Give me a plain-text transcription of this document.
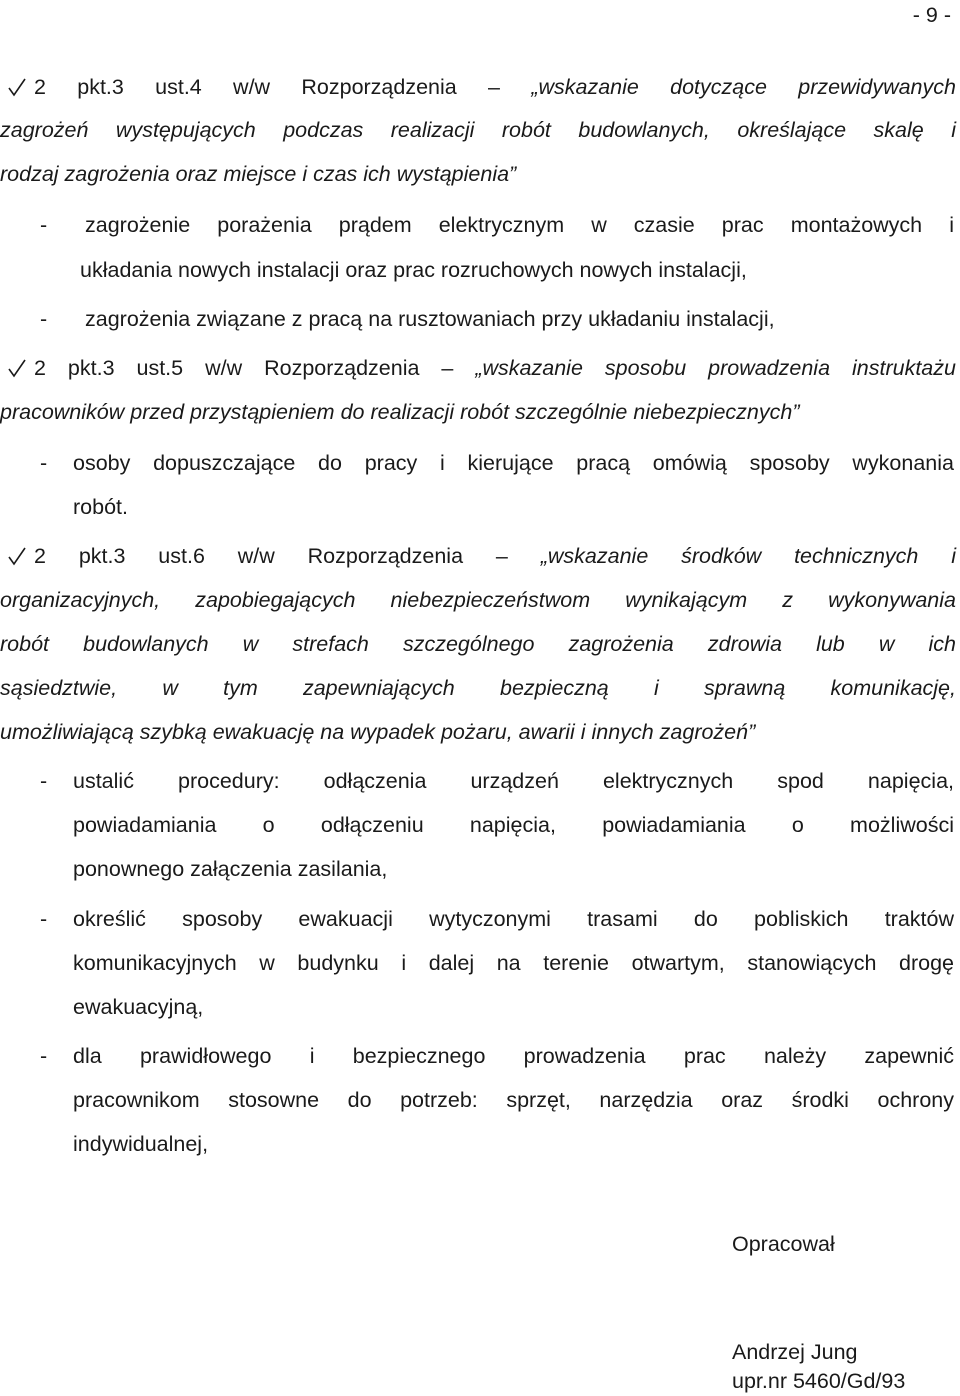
- 9 -
2 pkt.3 ust.4 w/w Rozporządzenia – „wskazanie dotyczące przewidywanych
zagrożeń występujących podczas realizacji robót budowlanych, określające skalę i
rodzaj zagrożenia oraz miejsce i czas ich wystąpienia”
- zagrożenie porażenia prądem elektrycznym w czasie prac montażowych i
układania nowych instalacji oraz prac rozruchowych nowych instalacji,
- zagrożenia związane z pracą na rusztowaniach przy układaniu instalacji,
2 pkt.3 ust.5 w/w Rozporządzenia – „wskazanie sposobu prowadzenia instruktażu
pracowników przed przystąpieniem do realizacji robót szczególnie niebezpiecznych”
- osoby dopuszczające do pracy i kierujące pracą omówią sposoby wykonania
robót.
2 pkt.3 ust.6 w/w Rozporządzenia – „wskazanie środków technicznych i
organizacyjnych, zapobiegających niebezpieczeństwom wynikającym z wykonywania
robót budowlanych w strefach szczególnego zagrożenia zdrowia lub w ich
sąsiedztwie, w tym zapewniających bezpieczną i sprawną komunikację,
umożliwiającą szybką ewakuację na wypadek pożaru, awarii i innych zagrożeń”
- ustalić procedury: odłączenia urządzeń elektrycznych spod napięcia,
powiadamiania o odłączeniu napięcia, powiadamiania o możliwości
ponownego załączenia zasilania,
- określić sposoby ewakuacji wytyczonymi trasami do pobliskich traktów
komunikacyjnych w budynku i dalej na terenie otwartym, stanowiących drogę
ewakuacyjną,
- dla prawidłowego i bezpiecznego prowadzenia prac należy zapewnić
pracownikom stosowne do potrzeb: sprzęt, narzędzia oraz środki ochrony
indywidualnej,
Opracował
Andrzej Jung
upr.nr 5460/Gd/93
